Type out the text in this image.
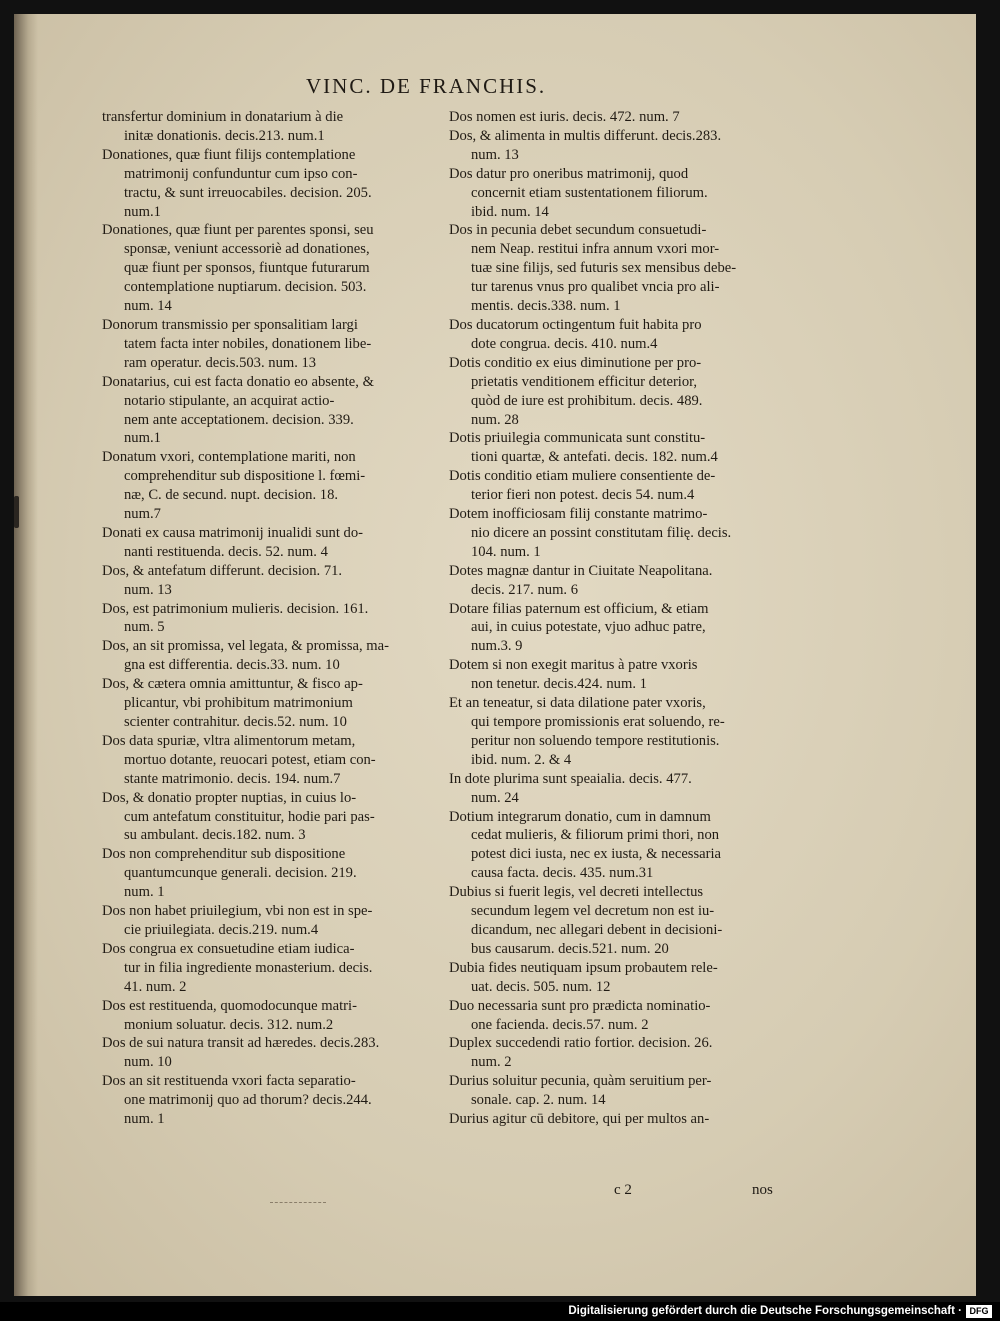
VINC. DE FRANCHIS.
transfertur dominium in donatarium à die
initæ donationis. decis.213. num.1
Donationes, quæ fiunt filijs contemplatione
matrimonij confunduntur cum ipso con-
tractu, & sunt irreuocabiles. decision. 205.
num.1
Donationes, quæ fiunt per parentes sponsi, seu
sponsæ, veniunt accessoriè ad donationes,
quæ fiunt per sponsos, fiuntque futurarum
contemplatione nuptiarum. decision. 503.
num. 14
Donorum transmissio per sponsalitiam largi
tatem facta inter nobiles, donationem libe-
ram operatur. decis.503. num. 13
Donatarius, cui est facta donatio eo absente, &
notario stipulante, an acquirat actio-
nem ante acceptationem. decision. 339.
num.1
Donatum vxori, contemplatione mariti, non
comprehenditur sub dispositione l. fœmi-
næ, C. de secund. nupt. decision. 18.
num.7
Donati ex causa matrimonij inualidi sunt do-
nanti restituenda. decis. 52. num. 4
Dos, & antefatum differunt. decision. 71.
num. 13
Dos, est patrimonium mulieris. decision. 161.
num. 5
Dos, an sit promissa, vel legata, & promissa, ma-
gna est differentia. decis.33. num. 10
Dos, & cætera omnia amittuntur, & fisco ap-
plicantur, vbi prohibitum matrimonium
scienter contrahitur. decis.52. num. 10
Dos data spuriæ, vltra alimentorum metam,
mortuo dotante, reuocari potest, etiam con-
stante matrimonio. decis. 194. num.7
Dos, & donatio propter nuptias, in cuius lo-
cum antefatum constituitur, hodie pari pas-
su ambulant. decis.182. num. 3
Dos non comprehenditur sub dispositione
quantumcunque generali. decision. 219.
num. 1
Dos non habet priuilegium, vbi non est in spe-
cie priuilegiata. decis.219. num.4
Dos congrua ex consuetudine etiam iudica-
tur in filia ingrediente monasterium. decis.
41. num. 2
Dos est restituenda, quomodocunque matri-
monium soluatur. decis. 312. num.2
Dos de sui natura transit ad hæredes. decis.283.
num. 10
Dos an sit restituenda vxori facta separatio-
one matrimonij quo ad thorum? decis.244.
num. 1
Dos nomen est iuris. decis. 472. num. 7
Dos, & alimenta in multis differunt. decis.283.
num. 13
Dos datur pro oneribus matrimonij, quod
concernit etiam sustentationem filiorum.
ibid. num. 14
Dos in pecunia debet secundum consuetudi-
nem Neap. restitui infra annum vxori mor-
tuæ sine filijs, sed futuris sex mensibus debe-
tur tarenus vnus pro qualibet vncia pro ali-
mentis. decis.338. num. 1
Dos ducatorum octingentum fuit habita pro
dote congrua. decis. 410. num.4
Dotis conditio ex eius diminutione per pro-
prietatis venditionem efficitur deterior,
quòd de iure est prohibitum. decis. 489.
num. 28
Dotis priuilegia communicata sunt constitu-
tioni quartæ, & antefati. decis. 182. num.4
Dotis conditio etiam muliere consentiente de-
terior fieri non potest. decis 54. num.4
Dotem inofficiosam filij constante matrimo-
nio dicere an possint constitutam filię. decis.
104. num. 1
Dotes magnæ dantur in Ciuitate Neapolitana.
decis. 217. num. 6
Dotare filias paternum est officium, & etiam
aui, in cuius potestate, vjuo adhuc patre,
num.3. 9
Dotem si non exegit maritus à patre vxoris
non tenetur. decis.424. num. 1
Et an teneatur, si data dilatione pater vxoris,
qui tempore promissionis erat soluendo, re-
peritur non soluendo tempore restitutionis.
ibid. num. 2. & 4
In dote plurima sunt speaialia. decis. 477.
num. 24
Dotium integrarum donatio, cum in damnum
cedat mulieris, & filiorum primi thori, non
potest dici iusta, nec ex iusta, & necessaria
causa facta. decis. 435. num.31
Dubius si fuerit legis, vel decreti intellectus
secundum legem vel decretum non est iu-
dicandum, nec allegari debent in decisioni-
bus causarum. decis.521. num. 20
Dubia fides neutiquam ipsum probautem rele-
uat. decis. 505. num. 12
Duo necessaria sunt pro prædicta nominatio-
one facienda. decis.57. num. 2
Duplex succedendi ratio fortior. decision. 26.
num. 2
Durius soluitur pecunia, quàm seruitium per-
sonale. cap. 2. num. 14
Durius agitur cū debitore, qui per multos an-
c 2	nos
Digitalisierung gefördert durch die Deutsche Forschungsgemeinschaft · DFG
